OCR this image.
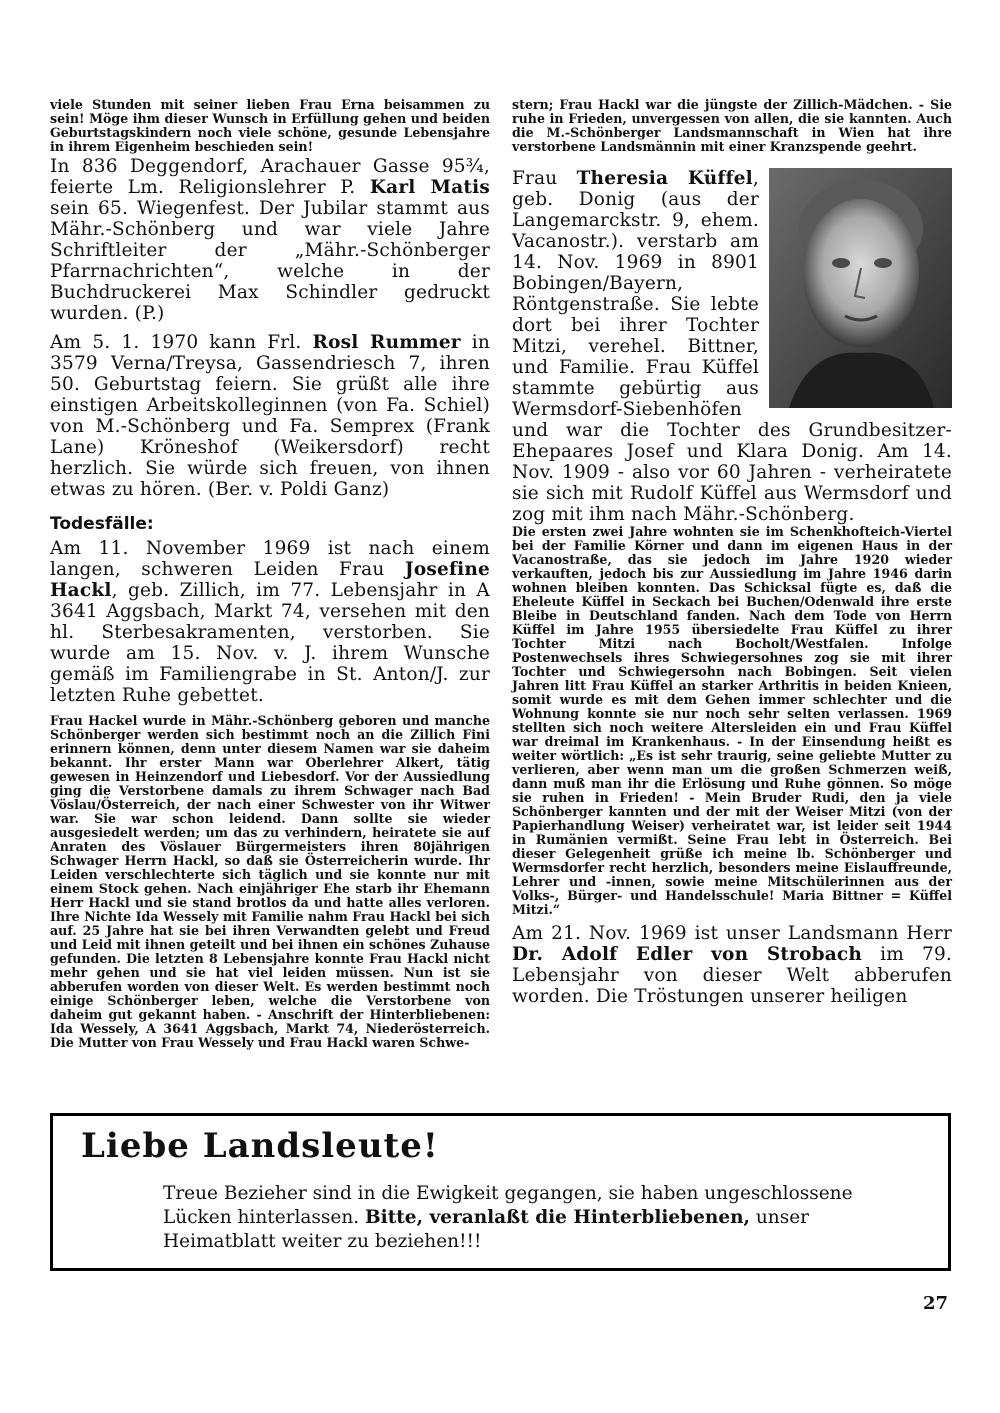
viele Stunden mit seiner lieben Frau Erna beisammen zu sein! Möge ihm dieser Wunsch in Erfüllung gehen und beiden Geburtstagskindern noch viele schöne, gesunde Lebensjahre in ihrem Eigenheim beschieden sein!

In 836 Deggendorf, Arachauer Gasse 95¾, feierte Lm. Religionslehrer P. Karl Matis sein 65. Wiegenfest. Der Jubilar stammt aus Mähr.-Schönberg und war viele Jahre Schriftleiter der „Mähr.-Schönberger Pfarrnachrichten“, welche in der Buchdruckerei Max Schindler gedruckt wurden. (P.)

Am 5. 1. 1970 kann Frl. Rosl Rummer in 3579 Verna/Treysa, Gassendriesch 7, ihren 50. Geburtstag feiern. Sie grüßt alle ihre einstigen Arbeitskolleginnen (von Fa. Schiel) von M.-Schönberg und Fa. Semprex (Frank Lane) Kröneshof (Weikersdorf) recht herzlich. Sie würde sich freuen, von ihnen etwas zu hören. (Ber. v. Poldi Ganz)

Todesfälle:

Am 11. November 1969 ist nach einem langen, schweren Leiden Frau Josefine Hackl, geb. Zillich, im 77. Lebensjahr in A 3641 Aggsbach, Markt 74, versehen mit den hl. Sterbesakramenten, verstorben. Sie wurde am 15. Nov. v. J. ihrem Wunsche gemäß im Familiengrabe in St. Anton/J. zur letzten Ruhe gebettet.

Frau Hackel wurde in Mähr.-Schönberg geboren und manche Schönberger werden sich bestimmt noch an die Zillich Fini erinnern können, denn unter diesem Namen war sie daheim bekannt. Ihr erster Mann war Oberlehrer Alkert, tätig gewesen in Heinzendorf und Liebesdorf. Vor der Aussiedlung ging die Verstorbene damals zu ihrem Schwager nach Bad Vöslau/Österreich, der nach einer Schwester von ihr Witwer war. Sie war schon leidend. Dann sollte sie wieder ausgesiedelt werden; um das zu verhindern, heiratete sie auf Anraten des Vöslauer Bürgermeisters ihren 80jährigen Schwager Herrn Hackl, so daß sie Österreicherin wurde. Ihr Leiden verschlechterte sich täglich und sie konnte nur mit einem Stock gehen. Nach einjähriger Ehe starb ihr Ehemann Herr Hackl und sie stand brotlos da und hatte alles verloren. Ihre Nichte Ida Wessely mit Familie nahm Frau Hackl bei sich auf. 25 Jahre hat sie bei ihren Verwandten gelebt und Freud und Leid mit ihnen geteilt und bei ihnen ein schönes Zuhause gefunden. Die letzten 8 Lebensjahre konnte Frau Hackl nicht mehr gehen und sie hat viel leiden müssen. Nun ist sie abberufen worden von dieser Welt. Es werden bestimmt noch einige Schönberger leben, welche die Verstorbene von daheim gut gekannt haben. - Anschrift der Hinterbliebenen: Ida Wessely, A 3641 Aggsbach, Markt 74, Niederösterreich. Die Mutter von Frau Wessely und Frau Hackl waren Schwe-

stern; Frau Hackl war die jüngste der Zillich-Mädchen. - Sie ruhe in Frieden, unvergessen von allen, die sie kannten. Auch die M.-Schönberger Landsmannschaft in Wien hat ihre verstorbene Landsmännin mit einer Kranzspende geehrt.

Frau Theresia Küffel, geb. Donig (aus der Langemarckstr. 9, ehem. Vacanostr.). verstarb am 14. Nov. 1969 in 8901 Bobingen/Bayern, Röntgenstraße. Sie lebte dort bei ihrer Tochter Mitzi, verehel. Bittner, und Familie. Frau Küffel stammte gebürtig aus Wermsdorf-Siebenhöfen und war die Tochter des Grundbesitzer-Ehepaares Josef und Klara Donig. Am 14. Nov. 1909 - also vor 60 Jahren - verheiratete sie sich mit Rudolf Küffel aus Wermsdorf und zog mit ihm nach Mähr.-Schönberg.

Die ersten zwei Jahre wohnten sie im Schenkhofteich-Viertel bei der Familie Körner und dann im eigenen Haus in der Vacanostraße, das sie jedoch im Jahre 1920 wieder verkauften, jedoch bis zur Aussiedlung im Jahre 1946 darin wohnen bleiben konnten. Das Schicksal fügte es, daß die Eheleute Küffel in Seckach bei Buchen/Odenwald ihre erste Bleibe in Deutschland fanden. Nach dem Tode von Herrn Küffel im Jahre 1955 übersiedelte Frau Küffel zu ihrer Tochter Mitzi nach Bocholt/Westfalen. Infolge Postenwechsels ihres Schwiegersohnes zog sie mit ihrer Tochter und Schwiegersohn nach Bobingen. Seit vielen Jahren litt Frau Küffel an starker Arthritis in beiden Knieen, somit wurde es mit dem Gehen immer schlechter und die Wohnung konnte sie nur noch sehr selten verlassen. 1969 stellten sich noch weitere Altersleiden ein und Frau Küffel war dreimal im Krankenhaus. - In der Einsendung heißt es weiter wörtlich: „Es ist sehr traurig, seine geliebte Mutter zu verlieren, aber wenn man um die großen Schmerzen weiß, dann muß man ihr die Erlösung und Ruhe gönnen. So möge sie ruhen in Frieden! - Mein Bruder Rudi, den ja viele Schönberger kannten und der mit der Weiser Mitzi (von der Papierhandlung Weiser) verheiratet war, ist leider seit 1944 in Rumänien vermißt. Seine Frau lebt in Österreich. Bei dieser Gelegenheit grüße ich meine lb. Schönberger und Wermsdorfer recht herzlich, besonders meine Eislauffreunde, Lehrer und -innen, sowie meine Mitschülerinnen aus der Volks-, Bürger- und Handelsschule! Maria Bittner = Küffel Mitzi.“

Am 21. Nov. 1969 ist unser Landsmann Herr Dr. Adolf Edler von Strobach im 79. Lebensjahr von dieser Welt abberufen worden. Die Tröstungen unserer heiligen

Liebe Landsleute!
Treue Bezieher sind in die Ewigkeit gegangen, sie haben ungeschlossene Lücken hinterlassen. Bitte, veranlaßt die Hinterbliebenen, unser Heimatblatt weiter zu beziehen!!!
27
